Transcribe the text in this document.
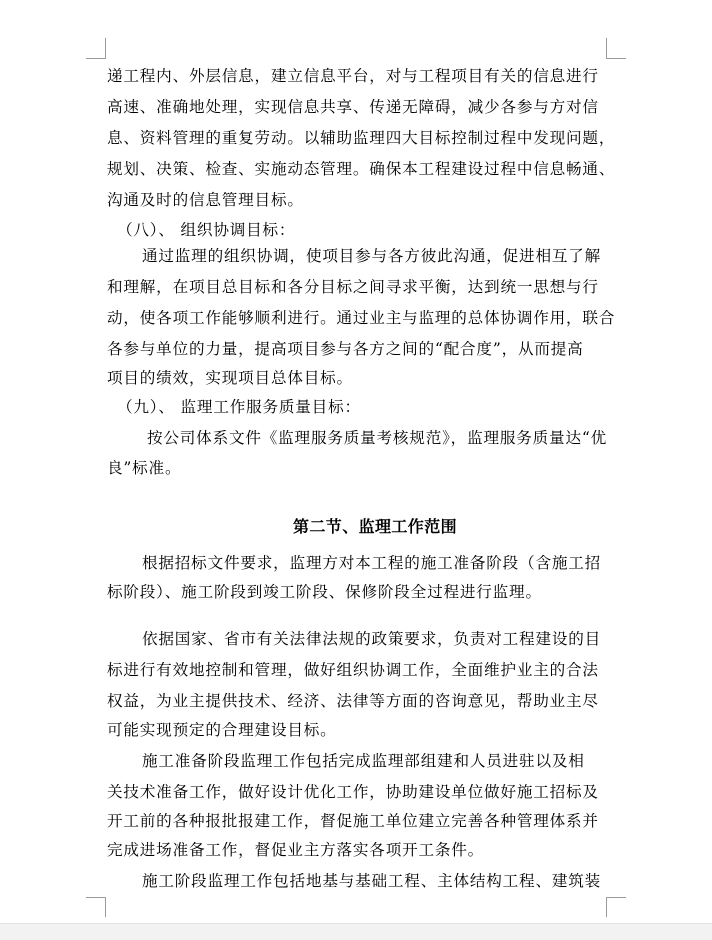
递工程内、外层信息，建立信息平台，对与工程项目有关的信息进行
高速、准确地处理，实现信息共享、传递无障碍，减少各参与方对信
息、资料管理的重复劳动。以辅助监理四大目标控制过程中发现问题，
规划、决策、检查、实施动态管理。确保本工程建设过程中信息畅通、
沟通及时的信息管理目标。
（八）、 组织协调目标：
通过监理的组织协调，使项目参与各方彼此沟通，促进相互了解
和理解，在项目总目标和各分目标之间寻求平衡，达到统一思想与行
动，使各项工作能够顺利进行。通过业主与监理的总体协调作用，联合
各参与单位的力量，提高项目参与各方之间的“配合度”，从而提高
项目的绩效，实现项目总体目标。
（九）、 监理工作服务质量目标：
按公司体系文件《监理服务质量考核规范》，监理服务质量达“优
良”标准。
第二节、监理工作范围
根据招标文件要求，监理方对本工程的施工准备阶段（含施工招
标阶段）、施工阶段到竣工阶段、保修阶段全过程进行监理。
依据国家、省市有关法律法规的政策要求，负责对工程建设的目
标进行有效地控制和管理，做好组织协调工作，全面维护业主的合法
权益，为业主提供技术、经济、法律等方面的咨询意见，帮助业主尽
可能实现预定的合理建设目标。
施工准备阶段监理工作包括完成监理部组建和人员进驻以及相
关技术准备工作，做好设计优化工作，协助建设单位做好施工招标及
开工前的各种报批报建工作，督促施工单位建立完善各种管理体系并
完成进场准备工作，督促业主方落实各项开工条件。
施工阶段监理工作包括地基与基础工程、主体结构工程、建筑装
